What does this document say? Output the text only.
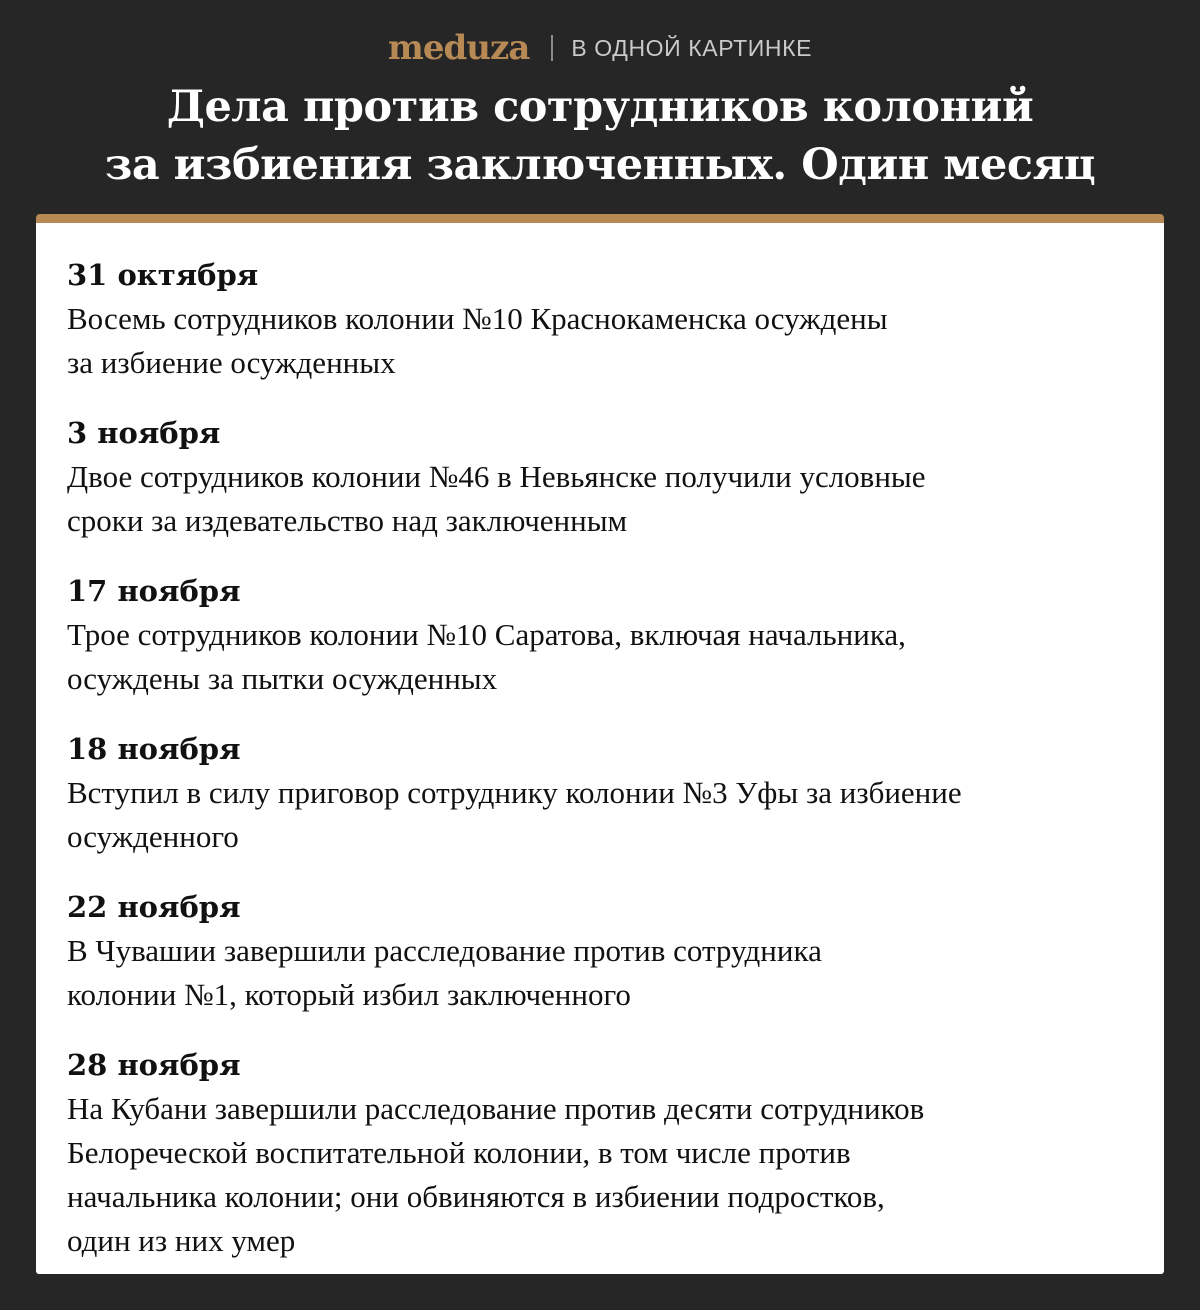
meduza В ОДНОЙ КАРТИНКЕ
Дела против сотрудников колоний
за избиения заключенных. Один месяц

31 октября

Восемь сотрудников колонии №10 Краснокаменска осуждены
за избиение осужденных

3 ноября

Двое сотрудников колонии №46 в Невьянске получили условные
сроки за издевательство над заключенным

17 ноября

Трое сотрудников колонии №10 Саратова, включая начальника,
осуждены за пытки осужденных

18 ноября

Вступил в силу приговор сотруднику колонии №3 Уфы за избиение
осужденного

22 ноября

В Чувашии завершили расследование против сотрудника
колонии №1, который избил заключенного

28 ноября

На Кубани завершили расследование против десяти сотрудников
Белореческой воспитательной колонии, в том числе против
начальника колонии; они обвиняются в избиении подростков,
один из них умер
